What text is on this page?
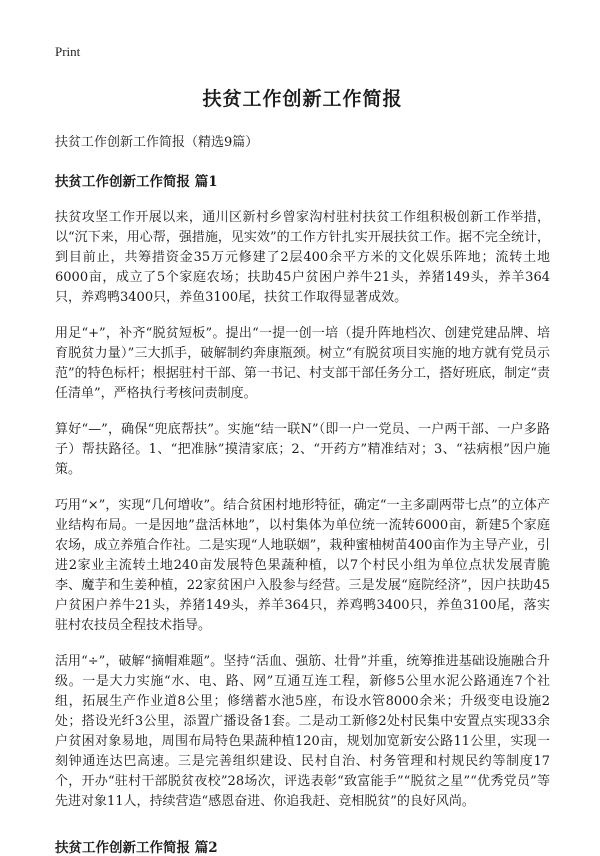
Print
扶贫工作创新工作简报
扶贫工作创新工作简报（精选9篇）
扶贫工作创新工作简报 篇1

扶贫攻坚工作开展以来，通川区新村乡曾家沟村驻村扶贫工作组积极创新工作举措，以“沉下来，用心帮，强措施，见实效”的工作方针扎实开展扶贫工作。据不完全统计，到目前止，共筹措资金35万元修建了2层400余平方米的文化娱乐阵地；流转土地6000亩，成立了5个家庭农场；扶助45户贫困户养牛21头，养猪149头，养羊364只，养鸡鸭3400只，养鱼3100尾，扶贫工作取得显著成效。

用足“+”，补齐“脱贫短板”。提出“一提一创一培（提升阵地档次、创建党建品牌、培育脱贫力量）”三大抓手，破解制约奔康瓶颈。树立“有脱贫项目实施的地方就有党员示范”的特色标杆；根据驻村干部、第一书记、村支部干部任务分工，搭好班底，制定“责任清单”，严格执行考核问责制度。

算好“—”，确保“兜底帮扶”。实施“结一联N”（即一户一党员、一户两干部、一户多路子）帮扶路径。1、“把准脉”摸清家底；2、“开药方”精准结对；3、“祛病根”因户施策。

巧用“×”，实现“几何增收”。结合贫困村地形特征，确定“一主多副两带七点”的立体产业结构布局。一是因地”盘活林地”，以村集体为单位统一流转6000亩，新建5个家庭农场，成立养殖合作社。二是实现“人地联姻”，栽种蜜柚树苗400亩作为主导产业，引进2家业主流转土地240亩发展特色果蔬种植，以7个村民小组为单位点状发展青脆李、魔芋和生姜种植，22家贫困户入股参与经营。三是发展“庭院经济”，因户扶助45户贫困户养牛21头，养猪149头，养羊364只，养鸡鸭3400只，养鱼3100尾，落实驻村农技员全程技术指导。

活用“÷”，破解“摘帽难题”。坚持“活血、强筋、壮骨”并重，统筹推进基础设施融合升级。一是大力实施“水、电、路、网”互通互连工程，新修5公里水泥公路通连7个社组，拓展生产作业道8公里；修缮蓄水池5座，布设水管8000余米；升级变电设施2处；搭设光纤3公里，添置广播设备1套。二是动工新修2处村民集中安置点实现33余户贫困对象易地，周围布局特色果蔬种植120亩，规划加宽新安公路11公里，实现一刻钟通连达巴高速。三是完善组织建设、民村自治、村务管理和村规民约等制度17个，开办“驻村干部脱贫夜校”28场次，评选表彰“致富能手”“脱贫之星”“优秀党员”等先进对象11人，持续营造“感恩奋进、你追我赶、竞相脱贫”的良好风尚。

扶贫工作创新工作简报 篇2
